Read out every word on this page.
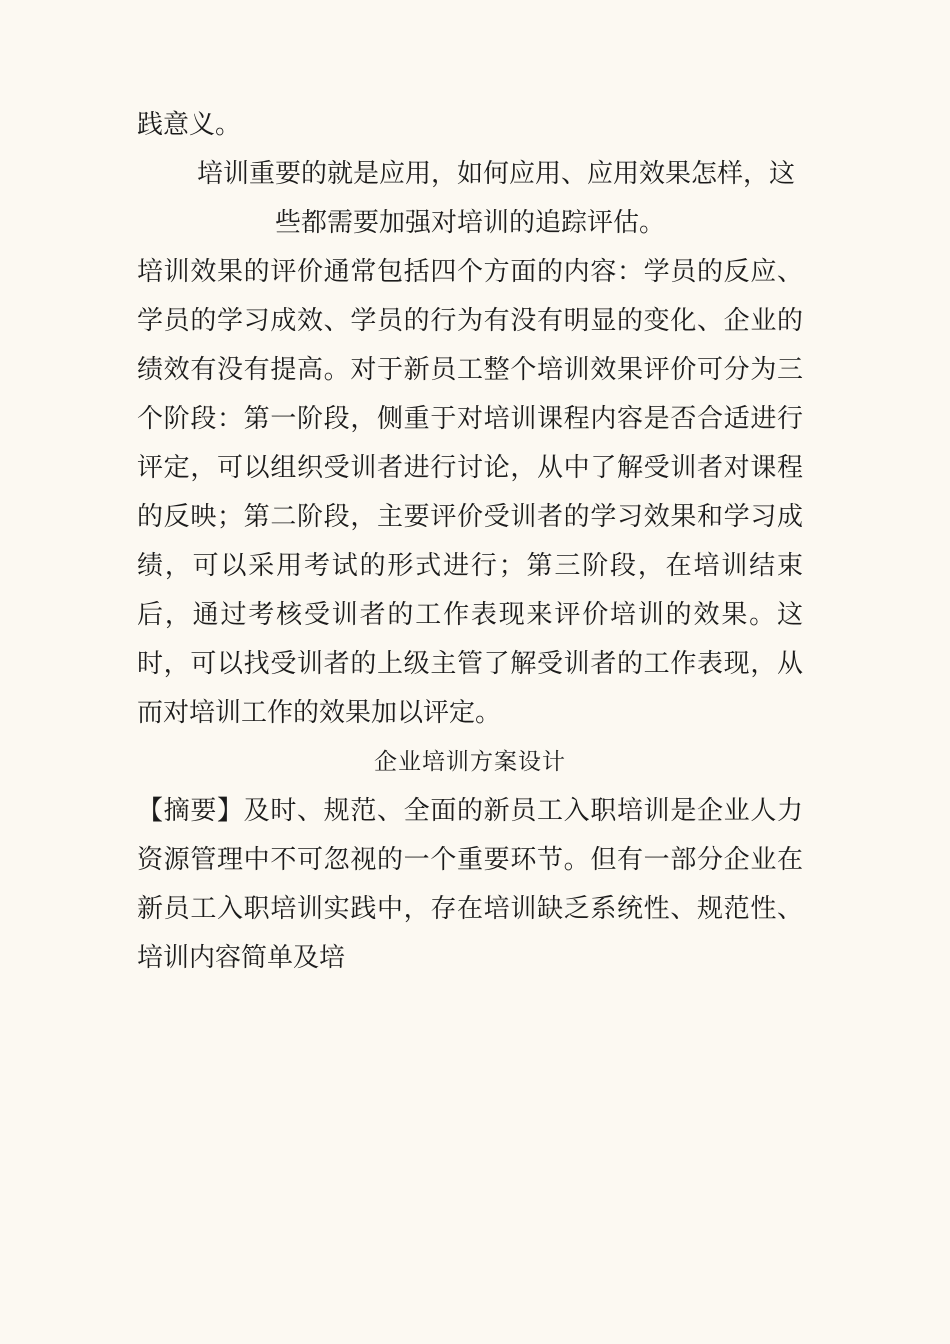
践意义。

培训重要的就是应用，如何应用、应用效果怎样，这些都需要加强对培训的追踪评估。

培训效果的评价通常包括四个方面的内容：学员的反应、学员的学习成效、学员的行为有没有明显的变化、企业的绩效有没有提高。对于新员工整个培训效果评价可分为三个阶段：第一阶段，侧重于对培训课程内容是否合适进行评定，可以组织受训者进行讨论，从中了解受训者对课程的反映；第二阶段，主要评价受训者的学习效果和学习成绩，可以采用考试的形式进行；第三阶段，在培训结束后，通过考核受训者的工作表现来评价培训的效果。这时，可以找受训者的上级主管了解受训者的工作表现，从而对培训工作的效果加以评定。

企业培训方案设计

【摘要】及时、规范、全面的新员工入职培训是企业人力资源管理中不可忽视的一个重要环节。但有一部分企业在新员工入职培训实践中，存在培训缺乏系统性、规范性、培训内容简单及培
